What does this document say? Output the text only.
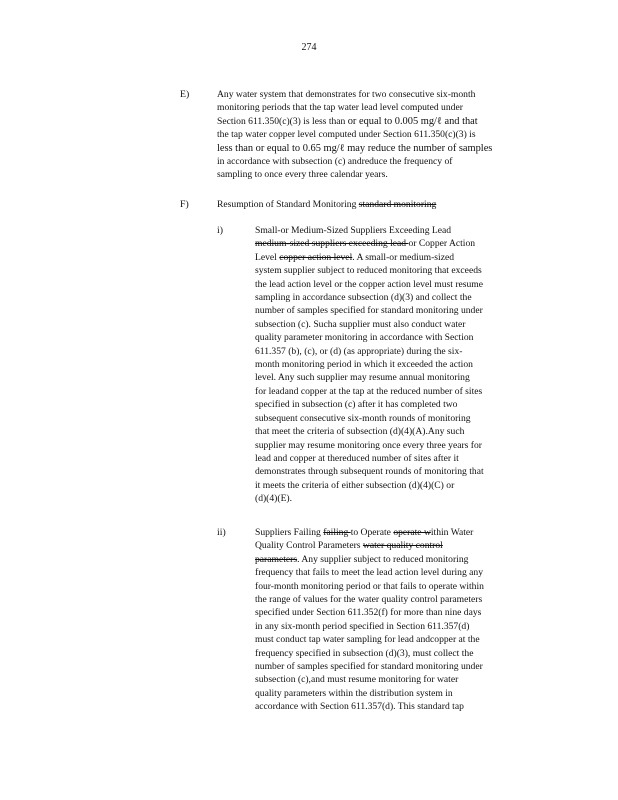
274
E)	Any water system that demonstrates for two consecutive six-month
monitoring periods that the tap water lead level computed under
Section 611.350(c)(3) is less than or equal to 0.005 mg/ℓ and that
the tap water copper level computed under Section 611.350(c)(3) is
less than or equal to 0.65 mg/ℓ may reduce the number of samples
in accordance with subsection (c) andreduce the frequency of
sampling to once every three calendar years.
F)	Resumption of Standard Monitoring standard monitoring
i)	Small-or Medium-Sized Suppliers Exceeding Lead
medium-sized suppliers exceeding lead or Copper Action
Level copper action level. A small-or medium-sized
system supplier subject to reduced monitoring that exceeds
the lead action level or the copper action level must resume
sampling in accordance subsection (d)(3) and collect the
number of samples specified for standard monitoring under
subsection (c). Sucha supplier must also conduct water
quality parameter monitoring in accordance with Section
611.357 (b), (c), or (d) (as appropriate) during the six-
month monitoring period in which it exceeded the action
level. Any such supplier may resume annual monitoring
for leadand copper at the tap at the reduced number of sites
specified in subsection (c) after it has completed two
subsequent consecutive six-month rounds of monitoring
that meet the criteria of subsection (d)(4)(A).Any such
supplier may resume monitoring once every three years for
lead and copper at thereduced number of sites after it
demonstrates through subsequent rounds of monitoring that
it meets the criteria of either subsection (d)(4)(C) or
(d)(4)(E).
ii)	Suppliers Failing failing to Operate operate within Water
Quality Control Parameters water quality control
parameters. Any supplier subject to reduced monitoring
frequency that fails to meet the lead action level during any
four-month monitoring period or that fails to operate within
the range of values for the water quality control parameters
specified under Section 611.352(f) for more than nine days
in any six-month period specified in Section 611.357(d)
must conduct tap water sampling for lead andcopper at the
frequency specified in subsection (d)(3), must collect the
number of samples specified for standard monitoring under
subsection (c),and must resume monitoring for water
quality parameters within the distribution system in
accordance with Section 611.357(d). This standard tap
